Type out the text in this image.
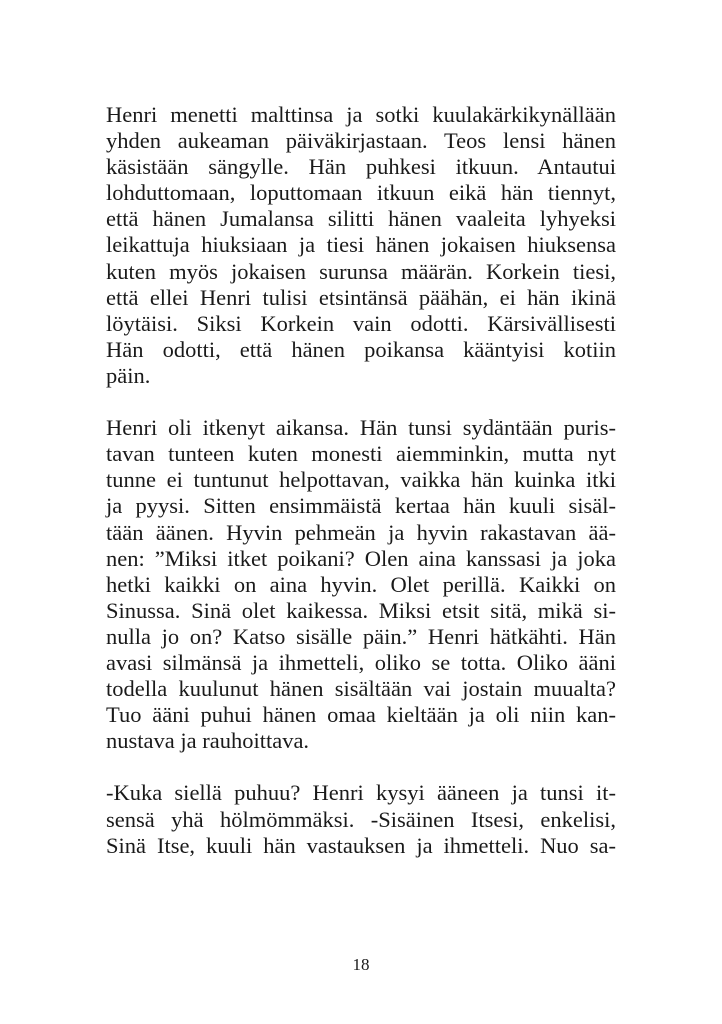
Henri menetti malttinsa ja sotki kuulakärkikynällään
yhden aukeaman päiväkirjastaan. Teos lensi hänen
käsistään sängylle. Hän puhkesi itkuun. Antautui
lohduttomaan, loputtomaan itkuun eikä hän tiennyt,
että hänen Jumalansa silitti hänen vaaleita lyhyeksi
leikattuja hiuksiaan ja tiesi hänen jokaisen hiuksensa
kuten myös jokaisen surunsa määrän. Korkein tiesi,
että ellei Henri tulisi etsintänsä päähän, ei hän ikinä
löytäisi. Siksi Korkein vain odotti. Kärsivällisesti
Hän odotti, että hänen poikansa kääntyisi kotiin
päin.

Henri oli itkenyt aikansa. Hän tunsi sydäntään puris-
tavan tunteen kuten monesti aiemminkin, mutta nyt
tunne ei tuntunut helpottavan, vaikka hän kuinka itki
ja pyysi. Sitten ensimmäistä kertaa hän kuuli sisäl-
tään äänen. Hyvin pehmeän ja hyvin rakastavan ää-
nen: ”Miksi itket poikani? Olen aina kanssasi ja joka
hetki kaikki on aina hyvin. Olet perillä. Kaikki on
Sinussa. Sinä olet kaikessa. Miksi etsit sitä, mikä si-
nulla jo on? Katso sisälle päin.” Henri hätkähti. Hän
avasi silmänsä ja ihmetteli, oliko se totta. Oliko ääni
todella kuulunut hänen sisältään vai jostain muualta?
Tuo ääni puhui hänen omaa kieltään ja oli niin kan-
nustava ja rauhoittava.

-Kuka siellä puhuu? Henri kysyi ääneen ja tunsi it-
sensä yhä hölmömmäksi. -Sisäinen Itsesi, enkelisi,
Sinä Itse, kuuli hän vastauksen ja ihmetteli. Nuo sa-

18
